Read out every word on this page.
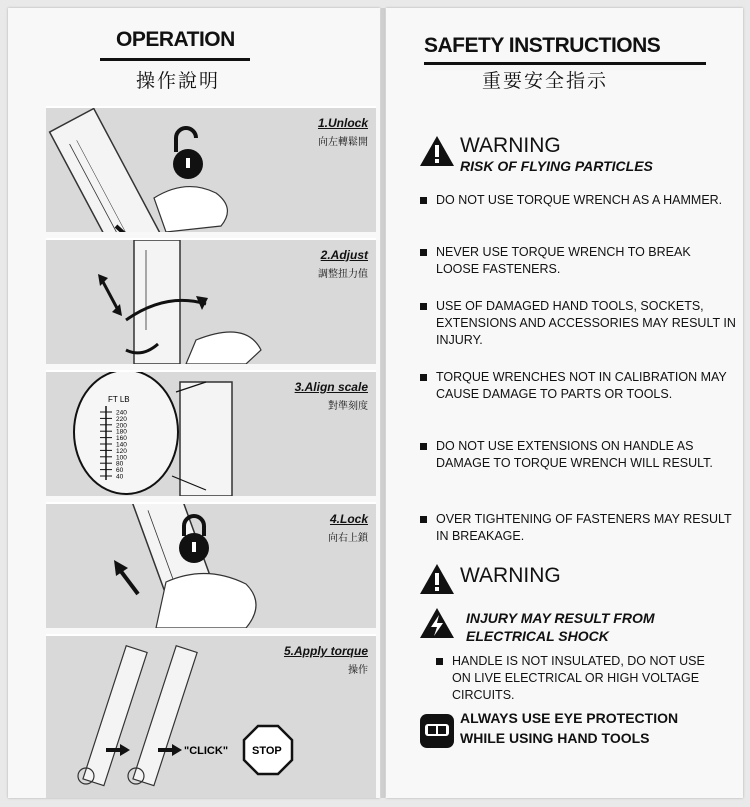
OPERATION
操作說明
1.Unlock
向左轉鬆開
2.Adjust
調整扭力值
FT LB
240
220
200
180
160
140
120
100
80
60
40
3.Align scale
對準刻度
4.Lock
向右上鎖
"CLICK" STOP
5.Apply torque
操作
SAFETY INSTRUCTIONS
重要安全指示
WARNING
RISK OF FLYING PARTICLES
DO NOT USE TORQUE WRENCH AS A HAMMER.
NEVER USE TORQUE WRENCH TO BREAK LOOSE FASTENERS.
USE OF DAMAGED HAND TOOLS, SOCKETS, EXTENSIONS AND ACCESSORIES MAY RESULT IN INJURY.
TORQUE WRENCHES NOT IN CALIBRATION MAY CAUSE DAMAGE TO PARTS OR TOOLS.
DO NOT USE EXTENSIONS ON HANDLE AS DAMAGE TO TORQUE WRENCH WILL RESULT.
OVER TIGHTENING OF FASTENERS MAY RESULT IN BREAKAGE.
WARNING
INJURY MAY RESULT FROM
ELECTRICAL SHOCK
HANDLE IS NOT INSULATED, DO NOT USE ON LIVE ELECTRICAL OR HIGH VOLTAGE CIRCUITS.
ALWAYS USE EYE PROTECTION
WHILE USING HAND TOOLS
